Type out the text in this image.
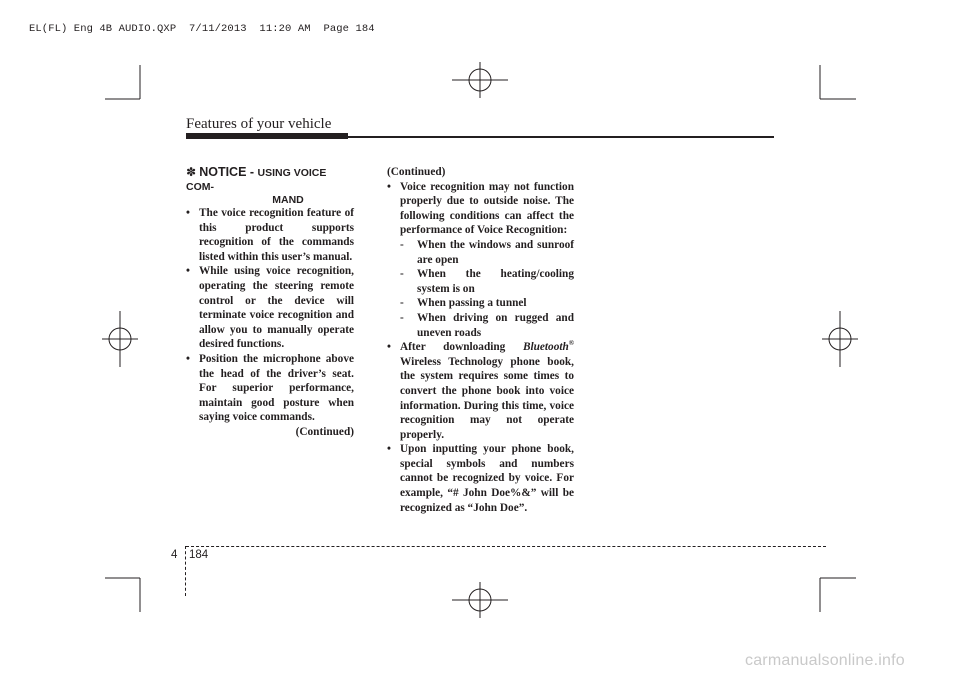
EL(FL) Eng 4B AUDIO.QXP  7/11/2013  11:20 AM  Page 184
Features of your vehicle
✽ NOTICE - USING VOICE COM-
MAND

• The voice recognition feature of this product supports recognition of the commands listed within this user’s manual.

• While using voice recognition, operating the steering remote control or the device will terminate voice recognition and allow you to manually operate desired functions.

• Position the microphone above the head of the driver’s seat. For superior performance, maintain good posture when saying voice commands.

(Continued)
(Continued)

• Voice recognition may not function properly due to outside noise. The following conditions can affect the performance of Voice Recognition:

- When the windows and sunroof are open
- When the heating/cooling system is on
- When passing a tunnel
- When driving on rugged and uneven roads

• After downloading Bluetooth® Wireless Technology phone book, the system requires some times to convert the phone book into voice information. During this time, voice recognition may not operate properly.

• Upon inputting your phone book, special symbols and numbers cannot be recognized by voice. For example, “# John Doe%&” will be recognized as “John Doe”.

4 184
carmanualsonline.info
